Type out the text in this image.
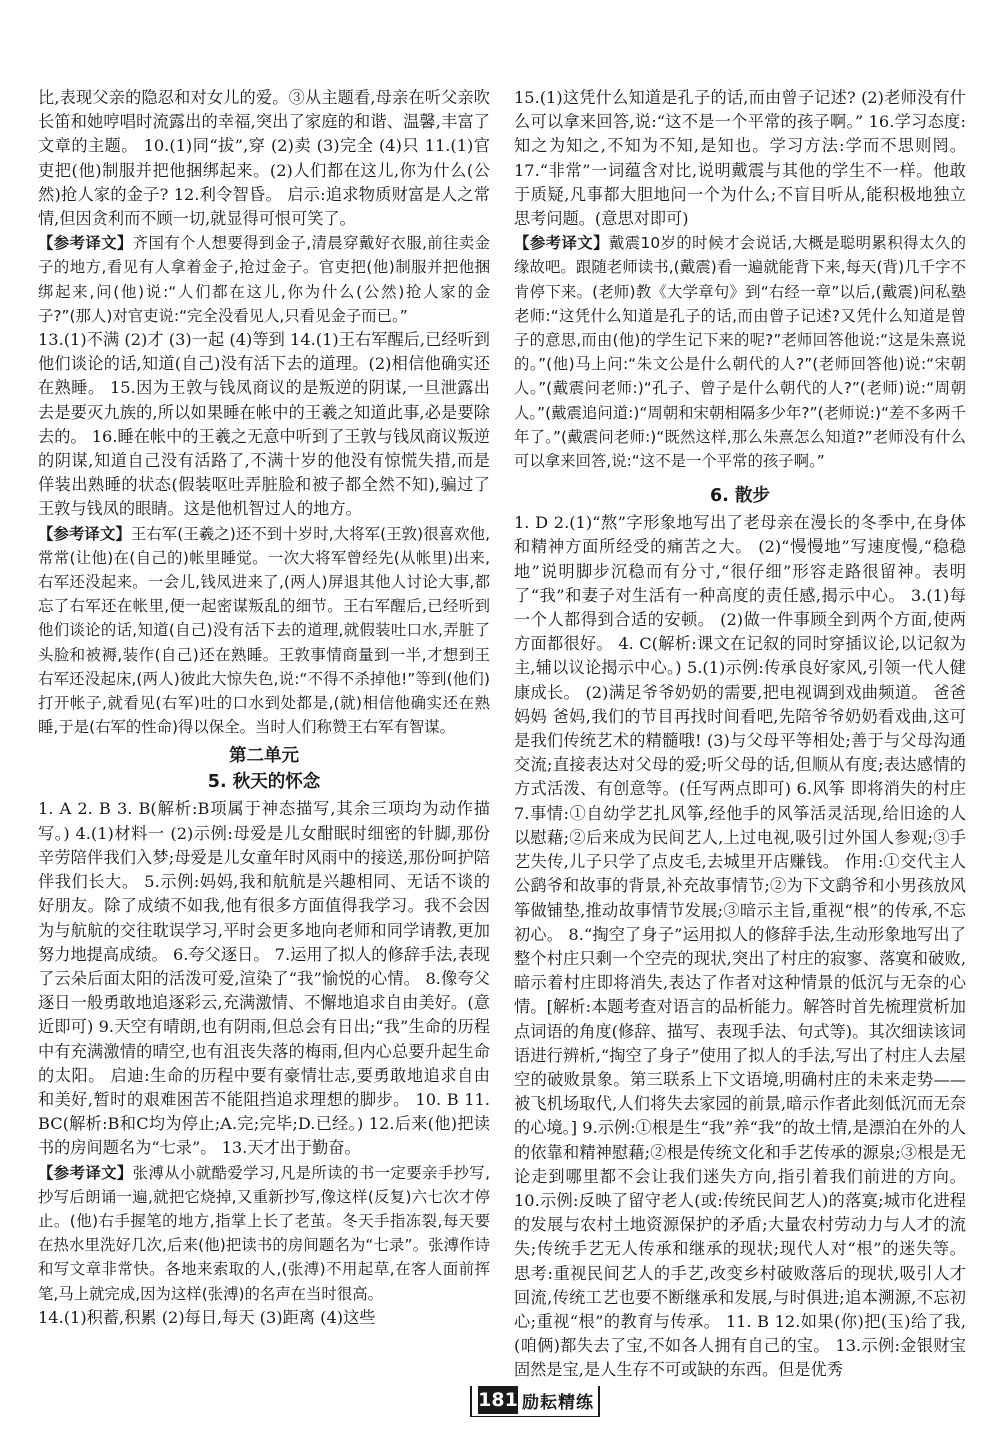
比,表现父亲的隐忍和对女儿的爱。③从主题看,母亲在听父亲吹长笛和她哼唱时流露出的幸福,突出了家庭的和谐、温馨,丰富了文章的主题。 10.(1)同“拔”,穿 (2)卖 (3)完全 (4)只 11.(1)官吏把(他)制服并把他捆绑起来。(2)人们都在这儿,你为什么(公然)抢人家的金子? 12.利令智昏。 启示:追求物质财富是人之常情,但因贪利而不顾一切,就显得可恨可笑了。

【参考译文】齐国有个人想要得到金子,清晨穿戴好衣服,前往卖金子的地方,看见有人拿着金子,抢过金子。官吏把(他)制服并把他捆绑起来,问(他)说:“人们都在这儿,你为什么(公然)抢人家的金子?”(那人)对官吏说:“完全没看见人,只看见金子而已。”

13.(1)不满 (2)才 (3)一起 (4)等到 14.(1)王右军醒后,已经听到他们谈论的话,知道(自己)没有活下去的道理。(2)相信他确实还在熟睡。 15.因为王敦与钱凤商议的是叛逆的阴谋,一旦泄露出去是要灭九族的,所以如果睡在帐中的王羲之知道此事,必是要除去的。 16.睡在帐中的王羲之无意中听到了王敦与钱凤商议叛逆的阴谋,知道自己没有活路了,不满十岁的他没有惊慌失措,而是佯装出熟睡的状态(假装呕吐弄脏脸和被子都全然不知),骗过了王敦与钱凤的眼睛。这是他机智过人的地方。

【参考译文】王右军(王羲之)还不到十岁时,大将军(王敦)很喜欢他,常常(让他)在(自己的)帐里睡觉。一次大将军曾经先(从帐里)出来,右军还没起来。一会儿,钱凤进来了,(两人)屏退其他人讨论大事,都忘了右军还在帐里,便一起密谋叛乱的细节。王右军醒后,已经听到他们谈论的话,知道(自己)没有活下去的道理,就假装吐口水,弄脏了头脸和被褥,装作(自己)还在熟睡。王敦事情商量到一半,才想到王右军还没起床,(两人)彼此大惊失色,说:“不得不杀掉他!”等到(他们)打开帐子,就看见(右军)吐的口水到处都是,(就)相信他确实还在熟睡,于是(右军的性命)得以保全。当时人们称赞王右军有智谋。

第二单元
5. 秋天的怀念

1. A 2. B 3. B(解析:B项属于神态描写,其余三项均为动作描写。) 4.(1)材料一 (2)示例:母爱是儿女酣眠时细密的针脚,那份辛劳陪伴我们入梦;母爱是儿女童年时风雨中的接送,那份呵护陪伴我们长大。 5.示例:妈妈,我和航航是兴趣相同、无话不谈的好朋友。除了成绩不如我,他有很多方面值得我学习。我不会因为与航航的交往耽误学习,平时会更多地向老师和同学请教,更加努力地提高成绩。 6.夸父逐日。 7.运用了拟人的修辞手法,表现了云朵后面太阳的活泼可爱,渲染了“我”愉悦的心情。 8.像夸父逐日一般勇敢地追逐彩云,充满激情、不懈地追求自由美好。(意近即可) 9.天空有晴朗,也有阴雨,但总会有日出;“我”生命的历程中有充满激情的晴空,也有沮丧失落的梅雨,但内心总要升起生命的太阳。 启迪:生命的历程中要有豪情壮志,要勇敢地追求自由和美好,暂时的艰难困苦不能阻挡追求理想的脚步。 10. B 11. BC(解析:B和C均为停止;A.完;完毕;D.已经。) 12.后来(他)把读书的房间题名为“七录”。 13.天才出于勤奋。

【参考译文】张溥从小就酷爱学习,凡是所读的书一定要亲手抄写,抄写后朗诵一遍,就把它烧掉,又重新抄写,像这样(反复)六七次才停止。(他)右手握笔的地方,指掌上长了老茧。冬天手指冻裂,每天要在热水里洗好几次,后来(他)把读书的房间题名为“七录”。张溥作诗和写文章非常快。各地来索取的人,(张溥)不用起草,在客人面前挥笔,马上就完成,因为这样(张溥)的名声在当时很高。

14.(1)积蓄,积累 (2)每日,每天 (3)距离 (4)这些

15.(1)这凭什么知道是孔子的话,而由曾子记述? (2)老师没有什么可以拿来回答,说:“这不是一个平常的孩子啊。” 16.学习态度:知之为知之,不知为不知,是知也。学习方法:学而不思则罔。 17.“非常”一词蕴含对比,说明戴震与其他的学生不一样。他敢于质疑,凡事都大胆地问一个为什么;不盲目听从,能积极地独立思考问题。(意思对即可)

【参考译文】戴震10岁的时候才会说话,大概是聪明累积得太久的缘故吧。跟随老师读书,(戴震)看一遍就能背下来,每天(背)几千字不肯停下来。(老师)教《大学章句》到“右经一章”以后,(戴震)问私塾老师:“这凭什么知道是孔子的话,而由曾子记述?又凭什么知道是曾子的意思,而由(他)的学生记下来的呢?”老师回答他说:“这是朱熹说的。”(他)马上问:“朱文公是什么朝代的人?”(老师回答他)说:“宋朝人。”(戴震问老师:)“孔子、曾子是什么朝代的人?”(老师)说:“周朝人。”(戴震追问道:)“周朝和宋朝相隔多少年?”(老师说:)“差不多两千年了。”(戴震问老师:)“既然这样,那么朱熹怎么知道?”老师没有什么可以拿来回答,说:“这不是一个平常的孩子啊。”

6. 散步

1. D 2.(1)“熬”字形象地写出了老母亲在漫长的冬季中,在身体和精神方面所经受的痛苦之大。 (2)“慢慢地”写速度慢,“稳稳地”说明脚步沉稳而有分寸,“很仔细”形容走路很留神。表明了“我”和妻子对生活有一种高度的责任感,揭示中心。 3.(1)每一个人都得到合适的安顿。 (2)做一件事顾全到两个方面,使两方面都很好。 4. C(解析:课文在记叙的同时穿插议论,以记叙为主,辅以议论揭示中心。) 5.(1)示例:传承良好家风,引领一代人健康成长。 (2)满足爷爷奶奶的需要,把电视调到戏曲频道。 爸爸妈妈 爸妈,我们的节目再找时间看吧,先陪爷爷奶奶看戏曲,这可是我们传统艺术的精髓哦! (3)与父母平等相处;善于与父母沟通交流;直接表达对父母的爱;听父母的话,但顺从有度;表达感情的方式活泼、有创意等。(任写两点即可) 6.风筝 即将消失的村庄 7.事情:①自幼学艺扎风筝,经他手的风筝活灵活现,给旧途的人以慰藉;②后来成为民间艺人,上过电视,吸引过外国人参观;③手艺失传,儿子只学了点皮毛,去城里开店赚钱。 作用:①交代主人公鹞爷和故事的背景,补充故事情节;②为下文鹞爷和小男孩放风筝做铺垫,推动故事情节发展;③暗示主旨,重视“根”的传承,不忘初心。 8.“掏空了身子”运用拟人的修辞手法,生动形象地写出了整个村庄只剩一个空壳的现状,突出了村庄的寂寥、落寞和破败,暗示着村庄即将消失,表达了作者对这种情景的低沉与无奈的心情。[解析:本题考查对语言的品析能力。解答时首先梳理赏析加点词语的角度(修辞、描写、表现手法、句式等)。其次细读该词语进行辨析,“掏空了身子”使用了拟人的手法,写出了村庄人去屋空的破败景象。第三联系上下文语境,明确村庄的未来走势——被飞机场取代,人们将失去家园的前景,暗示作者此刻低沉而无奈的心境。] 9.示例:①根是生“我”养“我”的故土情,是漂泊在外的人的依靠和精神慰藉;②根是传统文化和手艺传承的源泉;③根是无论走到哪里都不会让我们迷失方向,指引着我们前进的方向。 10.示例:反映了留守老人(或:传统民间艺人)的落寞;城市化进程的发展与农村土地资源保护的矛盾;大量农村劳动力与人才的流失;传统手艺无人传承和继承的现状;现代人对“根”的迷失等。 思考:重视民间艺人的手艺,改变乡村破败落后的现状,吸引人才回流,传统工艺也要不断继承和发展,与时俱进;追本溯源,不忘初心;重视“根”的教育与传承。 11. B 12.如果(你)把(玉)给了我,(咱俩)都失去了宝,不如各人拥有自己的宝。 13.示例:金银财宝固然是宝,是人生存不可或缺的东西。但是优秀

181 励耘精练
